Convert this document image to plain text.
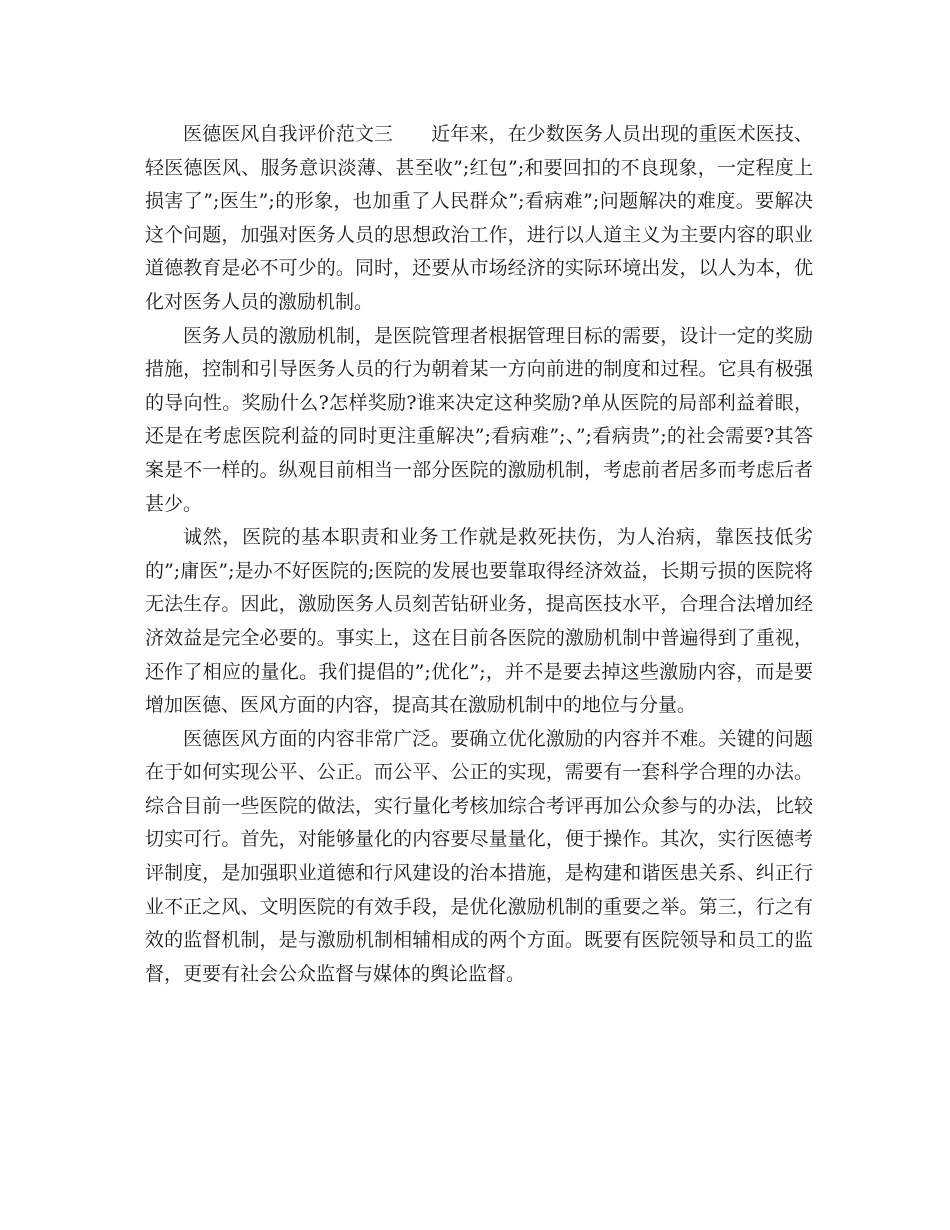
医德医风自我评价范文三　　近年来，在少数医务人员出现的重医术医技、轻医德医风、服务意识淡薄、甚至收”;红包”;和要回扣的不良现象，一定程度上损害了”;医生”;的形象，也加重了人民群众”;看病难”;问题解决的难度。要解决这个问题，加强对医务人员的思想政治工作，进行以人道主义为主要内容的职业道德教育是必不可少的。同时，还要从市场经济的实际环境出发，以人为本，优化对医务人员的激励机制。

医务人员的激励机制，是医院管理者根据管理目标的需要，设计一定的奖励措施，控制和引导医务人员的行为朝着某一方向前进的制度和过程。它具有极强的导向性。奖励什么?怎样奖励?谁来决定这种奖励?单从医院的局部利益着眼，还是在考虑医院利益的同时更注重解决”;看病难”;、”;看病贵”;的社会需要?其答案是不一样的。纵观目前相当一部分医院的激励机制，考虑前者居多而考虑后者甚少。

诚然，医院的基本职责和业务工作就是救死扶伤，为人治病，靠医技低劣的”;庸医”;是办不好医院的;医院的发展也要靠取得经济效益，长期亏损的医院将无法生存。因此，激励医务人员刻苦钻研业务，提高医技水平，合理合法增加经济效益是完全必要的。事实上，这在目前各医院的激励机制中普遍得到了重视，还作了相应的量化。我们提倡的”;优化”;，并不是要去掉这些激励内容，而是要增加医德、医风方面的内容，提高其在激励机制中的地位与分量。

医德医风方面的内容非常广泛。要确立优化激励的内容并不难。关键的问题在于如何实现公平、公正。而公平、公正的实现，需要有一套科学合理的办法。综合目前一些医院的做法，实行量化考核加综合考评再加公众参与的办法，比较切实可行。首先，对能够量化的内容要尽量量化，便于操作。其次，实行医德考评制度，是加强职业道德和行风建设的治本措施，是构建和谐医患关系、纠正行业不正之风、文明医院的有效手段，是优化激励机制的重要之举。第三，行之有效的监督机制，是与激励机制相辅相成的两个方面。既要有医院领导和员工的监督，更要有社会公众监督与媒体的舆论监督。
